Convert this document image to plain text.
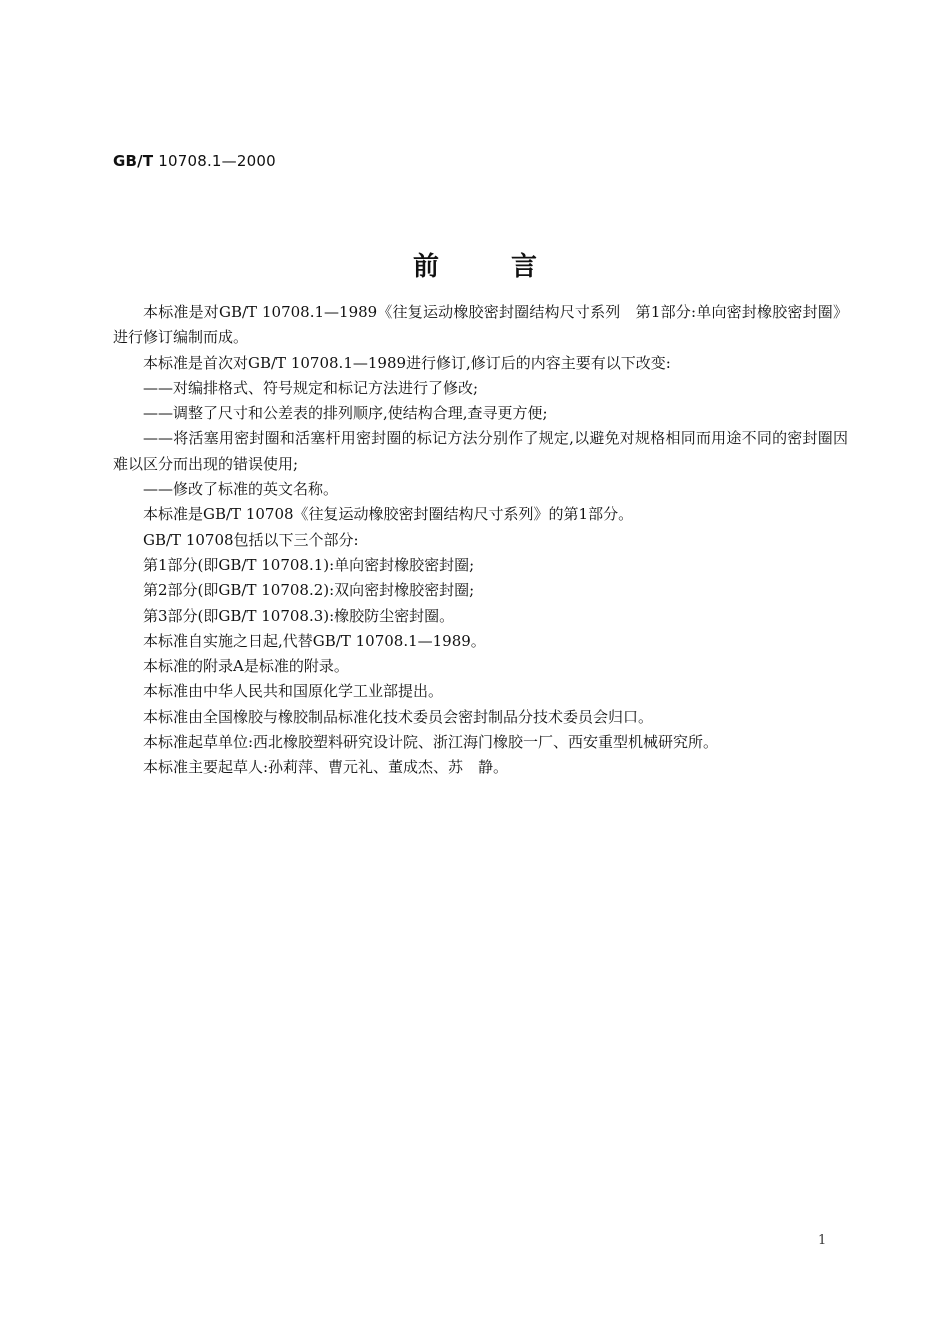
GB/T 10708.1—2000
前言

本标准是对GB/T 10708.1—1989《往复运动橡胶密封圈结构尺寸系列　第1部分:单向密封橡胶密封圈》进行修订编制而成。

本标准是首次对GB/T 10708.1—1989进行修订,修订后的内容主要有以下改变:

——对编排格式、符号规定和标记方法进行了修改;

——调整了尺寸和公差表的排列顺序,使结构合理,查寻更方便;

——将活塞用密封圈和活塞杆用密封圈的标记方法分别作了规定,以避免对规格相同而用途不同的密封圈因难以区分而出现的错误使用;

——修改了标准的英文名称。

本标准是GB/T 10708《往复运动橡胶密封圈结构尺寸系列》的第1部分。

GB/T 10708包括以下三个部分:

第1部分(即GB/T 10708.1):单向密封橡胶密封圈;

第2部分(即GB/T 10708.2):双向密封橡胶密封圈;

第3部分(即GB/T 10708.3):橡胶防尘密封圈。

本标准自实施之日起,代替GB/T 10708.1—1989。

本标准的附录A是标准的附录。

本标准由中华人民共和国原化学工业部提出。

本标准由全国橡胶与橡胶制品标准化技术委员会密封制品分技术委员会归口。

本标准起草单位:西北橡胶塑料研究设计院、浙江海门橡胶一厂、西安重型机械研究所。

本标准主要起草人:孙莉萍、曹元礼、董成杰、苏　静。

1
